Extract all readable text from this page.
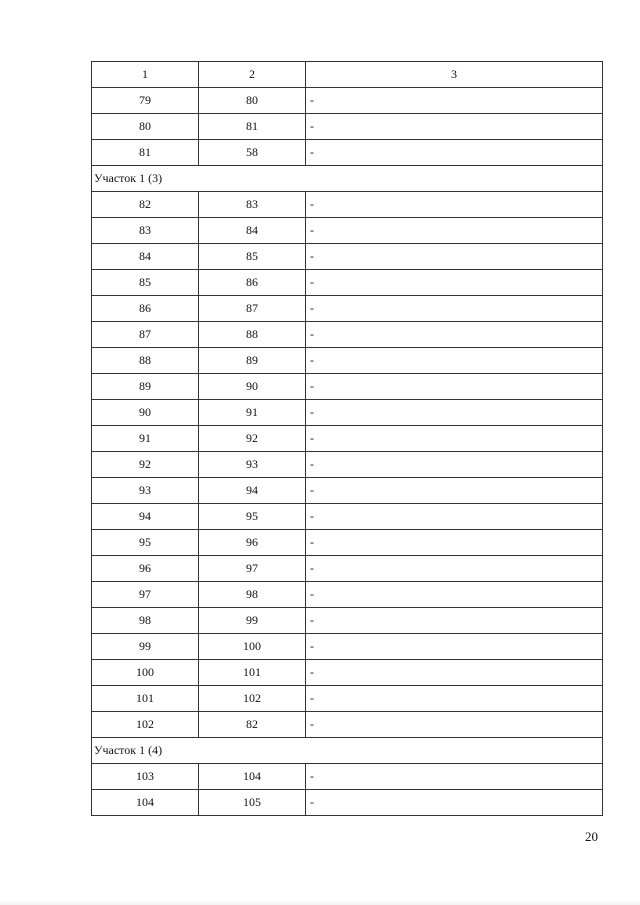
1	2	3
79	80	-
80	81	-
81	58	-
Участок 1 (3)		
82	83	-
83	84	-
84	85	-
85	86	-
86	87	-
87	88	-
88	89	-
89	90	-
90	91	-
91	92	-
92	93	-
93	94	-
94	95	-
95	96	-
96	97	-
97	98	-
98	99	-
99	100	-
100	101	-
101	102	-
102	82	-
Участок 1 (4)		
103	104	-
104	105	-
20
